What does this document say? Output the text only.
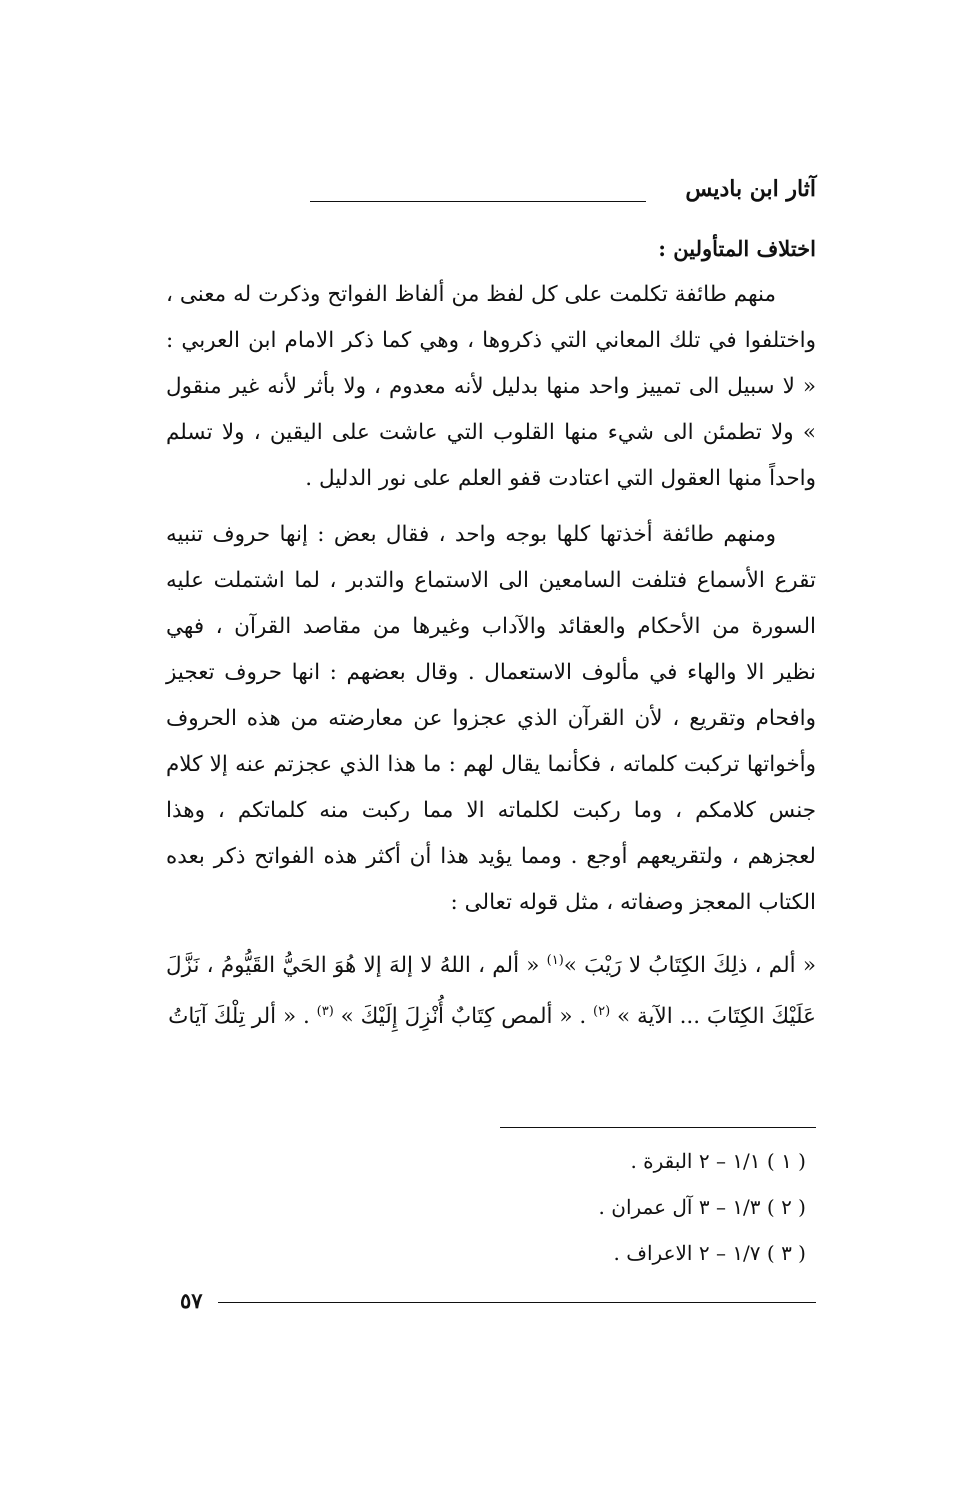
آثار ابن باديس

اختلاف المتأولين :

منهم طائفة تكلمت على كل لفظ من ألفاظ الفواتح وذكرت له معنى ، واختلفوا في تلك المعاني التي ذكروها ، وهي كما ذكر الامام ابن العربي : « لا سبيل الى تمييز واحد منها بدليل لأنه معدوم ، ولا بأثر لأنه غير منقول » ولا تطمئن الى شيء منها القلوب التي عاشت على اليقين ، ولا تسلم واحداً منها العقول التي اعتادت قفو العلم على نور الدليل .

ومنهم طائفة أخذتها كلها بوجه واحد ، فقال بعض : إنها حروف تنبيه تقرع الأسماع فتلفت السامعين الى الاستماع والتدبر ، لما اشتملت عليه السورة من الأحكام والعقائد والآداب وغيرها من مقاصد القرآن ، فهي نظير الا والهاء في مألوف الاستعمال . وقال بعضهم : انها حروف تعجيز وافحام وتقريع ، لأن القرآن الذي عجزوا عن معارضته من هذه الحروف وأخواتها تركبت كلماته ، فكأنما يقال لهم : ما هذا الذي عجزتم عنه إلا كلام جنس كلامكم ، وما ركبت لكلماته الا مما ركبت منه كلماتكم ، وهذا لعجزهم ، ولتقريعهم أوجع . ومما يؤيد هذا أن أكثر هذه الفواتح ذكر بعده الكتاب المعجز وصفاته ، مثل قوله تعالى :

« ألم ، ذلِكَ الكِتَابُ لا رَيْبَ »$^{(١)}$ « ألم ، اللهُ لا إلهَ إلا هُوَ الحَيُّ القَيُّومُ ، نَزَّلَ عَلَيْكَ الكِتَابَ ... الآية » $^{(٢)}$ . « ألمص كِتَابٌ أُنْزِلَ إِلَيْكَ » $^{(٣)}$ . « ألر تِلْكَ آيَاتُ

( ١ ) ١/١ – ٢ البقرة .
( ٢ ) ١/٣ – ٣ آل عمران .
( ٣ ) ١/٧ – ٢ الاعراف .
٥٧
